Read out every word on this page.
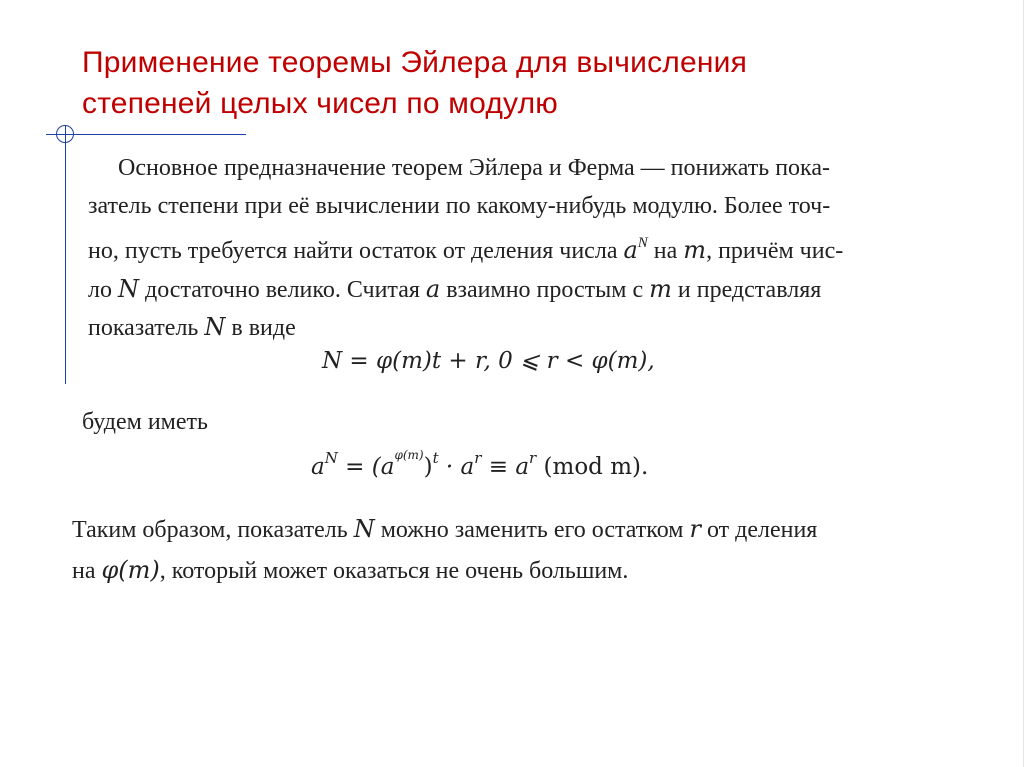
Применение теоремы Эйлера для вычисления
степеней целых чисел по модулю
Основное предназначение теорем Эйлера и Ферма — понижать пока-
затель степени при её вычислении по какому-нибудь модулю. Более точ-
но, пусть требуется найти остаток от деления числа $a^N$ на m, причём чис-
ло N достаточно велико. Считая a взаимно простым с m и представляя
показатель N в виде
N = φ(m)t + r, 0 ⩽ r < φ(m),
будем иметь
$a^N = (a^{\varphi(m)})^t \cdot a^r \equiv a^r$ (mod m).
Таким образом, показатель N можно заменить его остатком r от деления
на φ(m), который может оказаться не очень большим.
